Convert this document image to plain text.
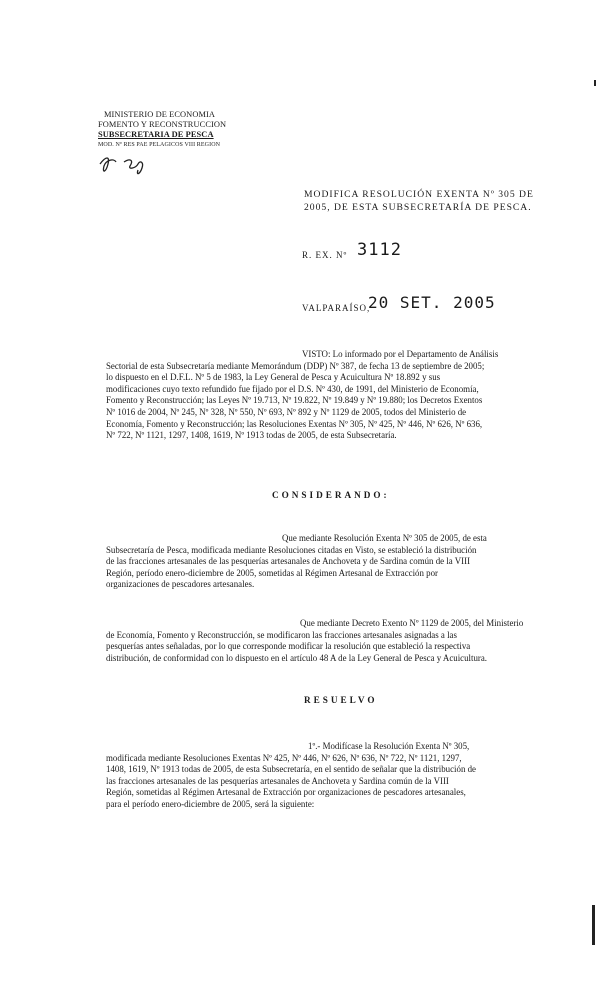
MINISTERIO DE ECONOMIA
FOMENTO Y RECONSTRUCCION
SUBSECRETARIA DE PESCA
MOD. Nº RES PAE PELAGICOS VIII REGION
MODIFICA RESOLUCIÓN EXENTA Nº 305 DE
2005, DE ESTA SUBSECRETARÍA DE PESCA.
R. EX. Nº 3112
VALPARAÍSO,
20 SET. 2005
VISTO: Lo informado por el Departamento de Análisis
Sectorial de esta Subsecretaría mediante Memorándum (DDP) Nº 387, de fecha 13 de septiembre de 2005;
lo dispuesto en el D.F.L. Nº 5 de 1983, la Ley General de Pesca y Acuicultura Nº 18.892 y sus
modificaciones cuyo texto refundido fue fijado por el D.S. Nº 430, de 1991, del Ministerio de Economía,
Fomento y Reconstrucción; las Leyes Nº 19.713, Nº 19.822, Nº 19.849 y Nº 19.880; los Decretos Exentos
Nº 1016 de 2004, Nº 245, Nº 328, Nº 550, Nº 693, Nº 892 y Nº 1129 de 2005, todos del Ministerio de
Economía, Fomento y Reconstrucción; las Resoluciones Exentas Nº 305, Nº 425, Nº 446, Nº 626, Nº 636,
Nº 722, Nº 1121, 1297, 1408, 1619, Nº 1913 todas de 2005, de esta Subsecretaría.
CONSIDERANDO:
Que mediante Resolución Exenta Nº 305 de 2005, de esta
Subsecretaría de Pesca, modificada mediante Resoluciones citadas en Visto, se estableció la distribución
de las fracciones artesanales de las pesquerías artesanales de Anchoveta y de Sardina común de la VIII
Región, período enero-diciembre de 2005, sometidas al Régimen Artesanal de Extracción por
organizaciones de pescadores artesanales.
Que mediante Decreto Exento Nº 1129 de 2005, del Ministerio
de Economía, Fomento y Reconstrucción, se modificaron las fracciones artesanales asignadas a las
pesquerías antes señaladas, por lo que corresponde modificar la resolución que estableció la respectiva
distribución, de conformidad con lo dispuesto en el artículo 48 A de la Ley General de Pesca y Acuicultura.
RESUELVO
1º.- Modifícase la Resolución Exenta Nº 305,
modificada mediante Resoluciones Exentas Nº 425, Nº 446, Nº 626, Nº 636, Nº 722, Nº 1121, 1297,
1408, 1619, Nº 1913 todas de 2005, de esta Subsecretaría, en el sentido de señalar que la distribución de
las fracciones artesanales de las pesquerías artesanales de Anchoveta y Sardina común de la VIII
Región, sometidas al Régimen Artesanal de Extracción por organizaciones de pescadores artesanales,
para el período enero-diciembre de 2005, será la siguiente:
